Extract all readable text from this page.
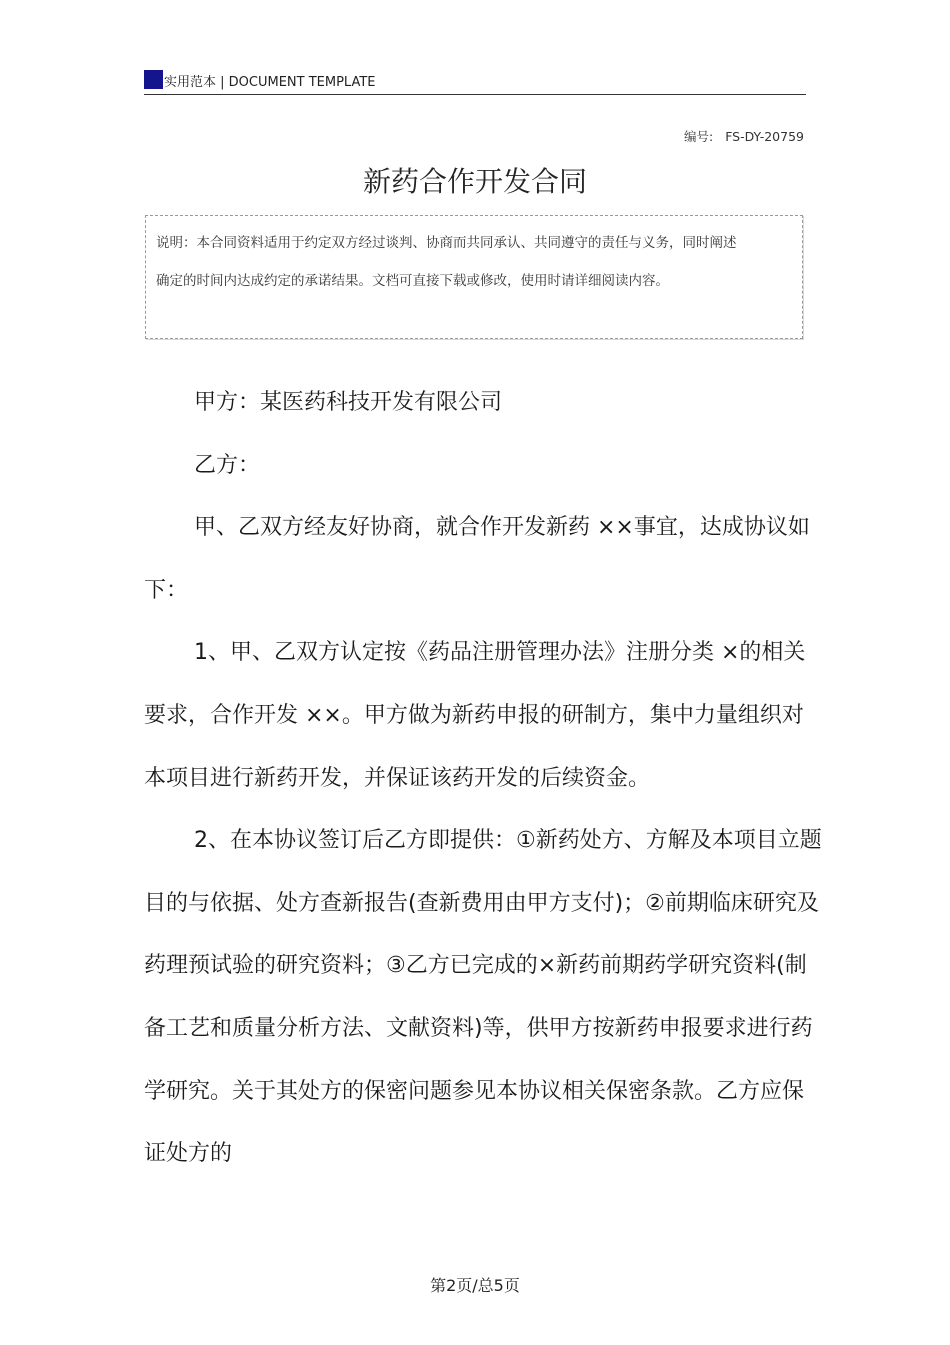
实用范本 | DOCUMENT TEMPLATE
编号: FS-DY-20759
新药合作开发合同

说明：本合同资料适用于约定双方经过谈判、协商而共同承认、共同遵守的责任与义务，同时阐述确定的时间内达成约定的承诺结果。文档可直接下载或修改，使用时请详细阅读内容。

甲方：某医药科技开发有限公司

乙方：

甲、乙双方经友好协商，就合作开发新药 ××事宜，达成协议如下：

1、甲、乙双方认定按《药品注册管理办法》注册分类 ×的相关要求，合作开发 ××。甲方做为新药申报的研制方，集中力量组织对本项目进行新药开发，并保证该药开发的后续资金。

2、在本协议签订后乙方即提供：①新药处方、方解及本项目立题目的与依据、处方查新报告(查新费用由甲方支付)；②前期临床研究及药理预试验的研究资料；③乙方已完成的×新药前期药学研究资料(制备工艺和质量分析方法、文献资料)等，供甲方按新药申报要求进行药学研究。关于其处方的保密问题参见本协议相关保密条款。乙方应保证处方的

第2页/总5页
